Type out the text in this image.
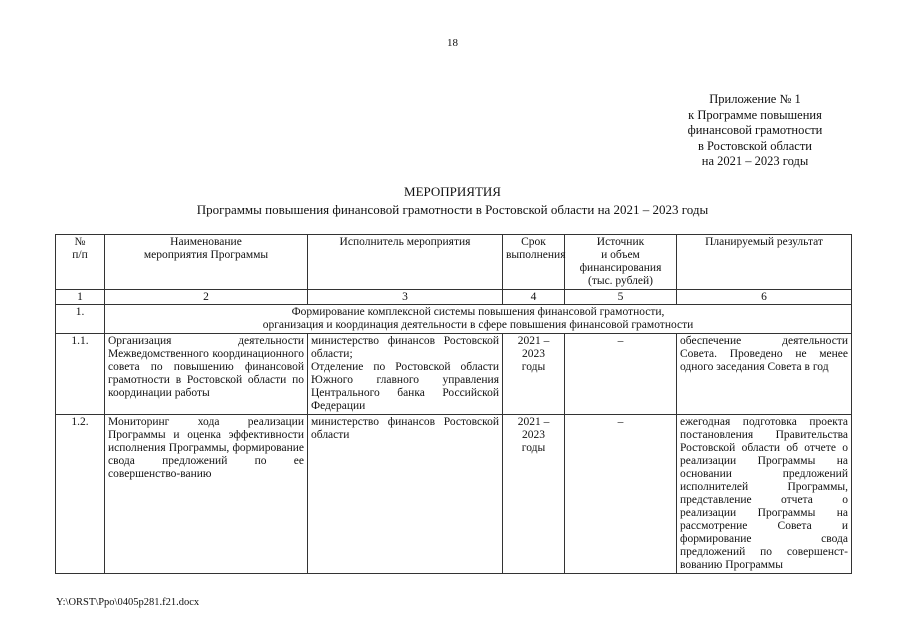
18
Приложение № 1
к Программе повышения
финансовой грамотности
в Ростовской области
на 2021 – 2023 годы
МЕРОПРИЯТИЯ
Программы повышения финансовой грамотности в Ростовской области на 2021 – 2023 годы
№
п/п	Наименование
мероприятия Программы	Исполнитель мероприятия	Срок
выполнения	Источник
и объем
финансирования
(тыс. рублей)	Планируемый результат
1	2	3	4	5	6
1.	Формирование комплексной системы повышения финансовой грамотности,
организация и координация деятельности в сфере повышения финансовой грамотности				
1.1.	Организация деятельности Межведомственного координационного совета по повышению финансовой грамотности в Ростовской области по координации работы	министерство финансов Ростовской области;
Отделение по Ростовской области Южного главного управления Центрального банка Российской Федерации	2021 – 2023
годы	–	обеспечение деятельности Совета. Проведено не менее одного заседания Совета в год
1.2.	Мониторинг хода реализации Программы и оценка эффективности исполнения Программы, формирование свода предложений по ее совершенство-ванию	министерство финансов Ростовской области	2021 – 2023
годы	–	ежегодная подготовка проекта постановления Правительства Ростовской области об отчете о реализации Программы на основании предложений исполнителей Программы, представление отчета о реализации Программы на рассмотрение Совета и формирование свода предложений по совершенст-вованию Программы
Y:\ORST\Ppo\0405p281.f21.docx
